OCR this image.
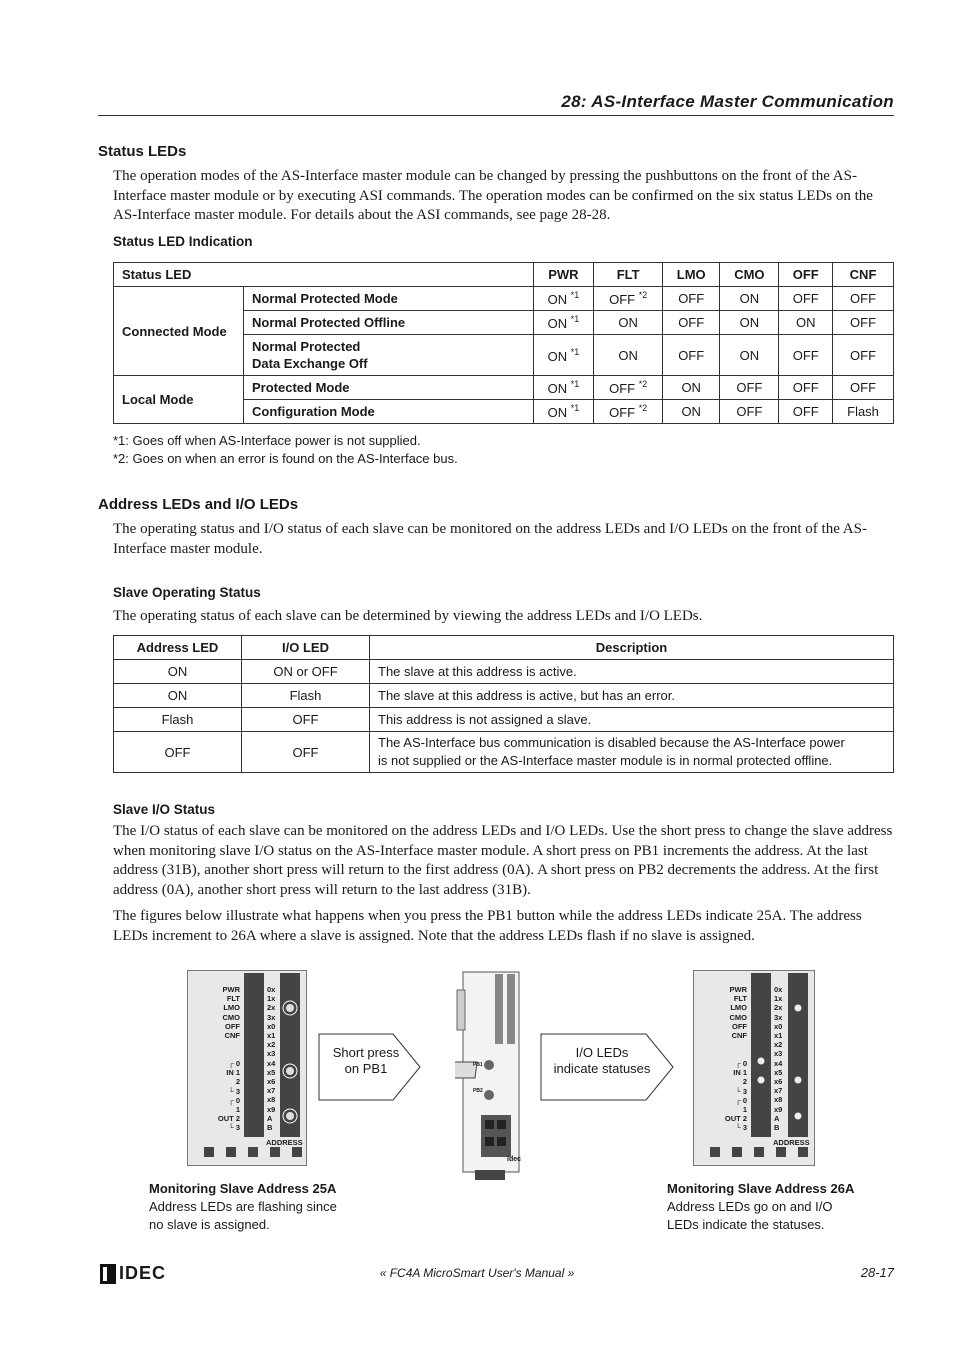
28: AS-Interface Master Communication
Status LEDs

The operation modes of the AS-Interface master module can be changed by pressing the pushbuttons on the front of the AS-Interface master module or by executing ASI commands. The operation modes can be confirmed on the six status LEDs on the AS-Interface master module. For details about the ASI commands, see page 28-28.

Status LED Indication
Status LED		PWR	FLT	LMO	CMO	OFF	CNF
Connected Mode	Normal Protected Mode	ON $^{*1}$	OFF $^{*2}$	OFF	ON	OFF	OFF
	Normal Protected Offline	ON $^{*1}$	ON	OFF	ON	ON	OFF
	Normal Protected
Data Exchange Off	ON $^{*1}$	ON	OFF	ON	OFF	OFF
Local Mode	Protected Mode	ON $^{*1}$	OFF $^{*2}$	ON	OFF	OFF	OFF
	Configuration Mode	ON $^{*1}$	OFF $^{*2}$	ON	OFF	OFF	Flash
*1: Goes off when AS-Interface power is not supplied.
*2: Goes on when an error is found on the AS-Interface bus.
Address LEDs and I/O LEDs

The operating status and I/O status of each slave can be monitored on the address LEDs and I/O LEDs on the front of the AS-Interface master module.

Slave Operating Status

The operating status of each slave can be determined by viewing the address LEDs and I/O LEDs.

Address LED	I/O LED	Description
ON	ON or OFF	The slave at this address is active.
ON	Flash	The slave at this address is active, but has an error.
Flash	OFF	This address is not assigned a slave.
OFF	OFF	The AS-Interface bus communication is disabled because the AS-Interface power
is not supplied or the AS-Interface master module is in normal protected offline.
Slave I/O Status

The I/O status of each slave can be monitored on the address LEDs and I/O LEDs. Use the short press to change the slave address when monitoring slave I/O status on the AS-Interface master module. A short press on PB1 increments the address. At the last address (31B), another short press will return to the first address (0A). A short press on PB2 decrements the address. At the first address (0A), another short press will return to the last address (31B).

The figures below illustrate what happens when you press the PB1 button while the address LEDs indicate 25A. The address LEDs increment to 26A where a slave is assigned. Note that the address LEDs flash if no slave is assigned.

PWR
FLT
LMO
CMO
OFF
CNF
┌ 0
IN 1
2
└ 3
┌ 0
1
OUT 2
└ 3
0x
1x
2x
3x
x0
x1
x2
x3
x4
x5
x6
x7
x8
x9
A
B
ADDRESS
Short press
on PB1	PB1
PB2
idec
I/O LEDs
indicate statuses
PWR
FLT
LMO
CMO
OFF
CNF
┌ 0
IN 1
2
└ 3
┌ 0
1
OUT 2
└ 3
0x
1x
2x
3x
x0
x1
x2
x3
x4
x5
x6
x7
x8
x9
A
B
ADDRESS
Monitoring Slave Address 25A
Address LEDs are flashing since
no slave is assigned.
Monitoring Slave Address 26A
Address LEDs go on and I/O
LEDs indicate the statuses.
IDEC	« FC4A MicroSmart User's Manual »	28-17
